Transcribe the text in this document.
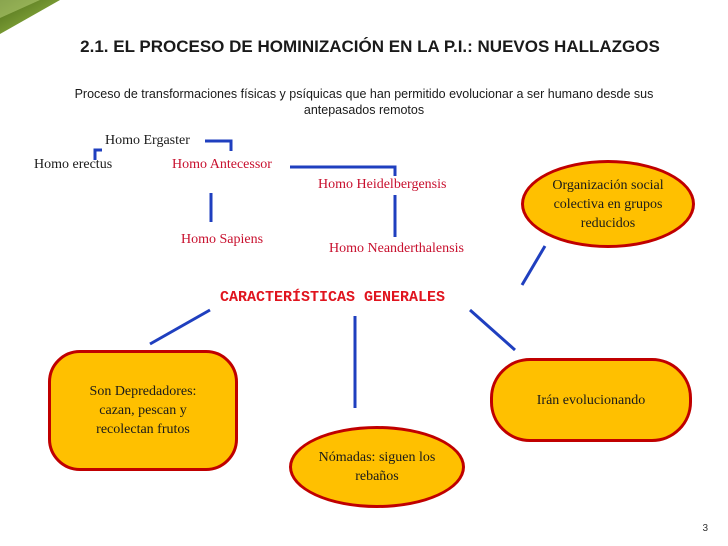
2.1. EL PROCESO DE HOMINIZACIÓN EN LA P.I.: NUEVOS HALLAZGOS
Proceso de transformaciones físicas y psíquicas que han permitido evolucionar a ser humano desde sus antepasados remotos
Homo Ergaster
Homo erectus	Homo Antecessor
Homo Heidelbergensis
Homo Sapiens
Homo Neanderthalensis
CARACTERÍSTICAS GENERALES
Organización social colectiva en grupos reducidos
Son Depredadores: cazan, pescan y recolectan frutos
Nómadas: siguen los rebaños
Irán evolucionando
3
